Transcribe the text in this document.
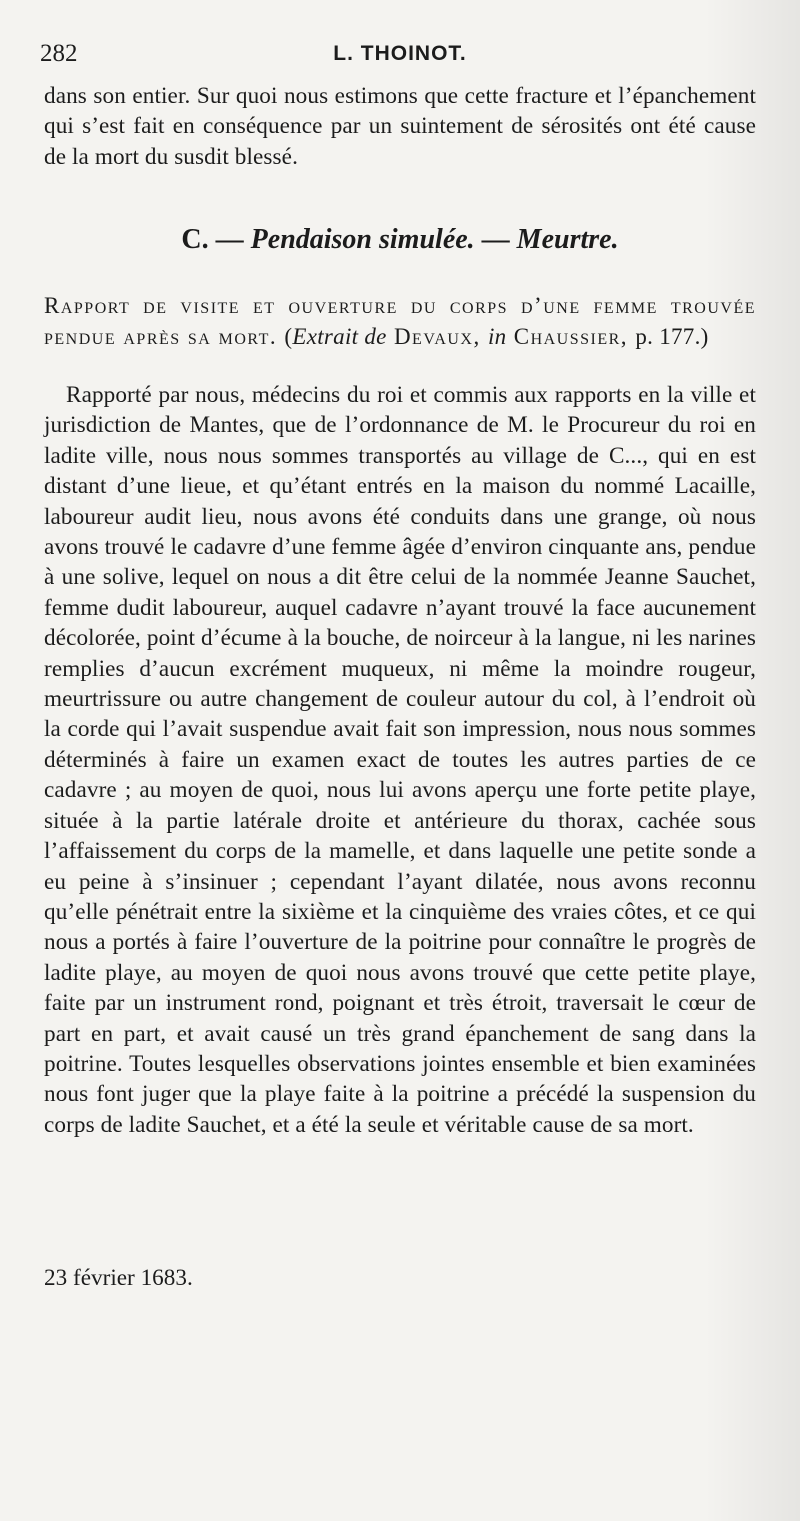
282	L. THOINOT.

dans son entier. Sur quoi nous estimons que cette fracture et l’épanchement qui s’est fait en conséquence par un suintement de sérosités ont été cause de la mort du susdit blessé.

C. — Pendaison simulée. — Meurtre.
Rapport de visite et ouverture du corps d’une femme trouvée pendue après sa mort. (Extrait de Devaux, in Chaussier, p. 177.)

Rapporté par nous, médecins du roi et commis aux rapports en la ville et jurisdiction de Mantes, que de l’ordonnance de M. le Procureur du roi en ladite ville, nous nous sommes transportés au village de C..., qui en est distant d’une lieue, et qu’étant entrés en la maison du nommé Lacaille, laboureur audit lieu, nous avons été conduits dans une grange, où nous avons trouvé le cadavre d’une femme âgée d’environ cinquante ans, pendue à une solive, lequel on nous a dit être celui de la nommée Jeanne Sauchet, femme dudit laboureur, auquel cadavre n’ayant trouvé la face aucunement décolorée, point d’écume à la bouche, de noirceur à la langue, ni les narines remplies d’aucun excrément muqueux, ni même la moindre rougeur, meurtrissure ou autre changement de couleur autour du col, à l’endroit où la corde qui l’avait suspendue avait fait son impression, nous nous sommes déterminés à faire un examen exact de toutes les autres parties de ce cadavre ; au moyen de quoi, nous lui avons aperçu une forte petite playe, située à la partie latérale droite et antérieure du thorax, cachée sous l’affaissement du corps de la mamelle, et dans laquelle une petite sonde a eu peine à s’insinuer ; cependant l’ayant dilatée, nous avons reconnu qu’elle pénétrait entre la sixième et la cinquième des vraies côtes, et ce qui nous a portés à faire l’ouverture de la poitrine pour connaître le progrès de ladite playe, au moyen de quoi nous avons trouvé que cette petite playe, faite par un instrument rond, poignant et très étroit, traversait le cœur de part en part, et avait causé un très grand épanchement de sang dans la poitrine. Toutes lesquelles observations jointes ensemble et bien examinées nous font juger que la playe faite à la poitrine a précédé la suspension du corps de ladite Sauchet, et a été la seule et véritable cause de sa mort.

23 février 1683.
